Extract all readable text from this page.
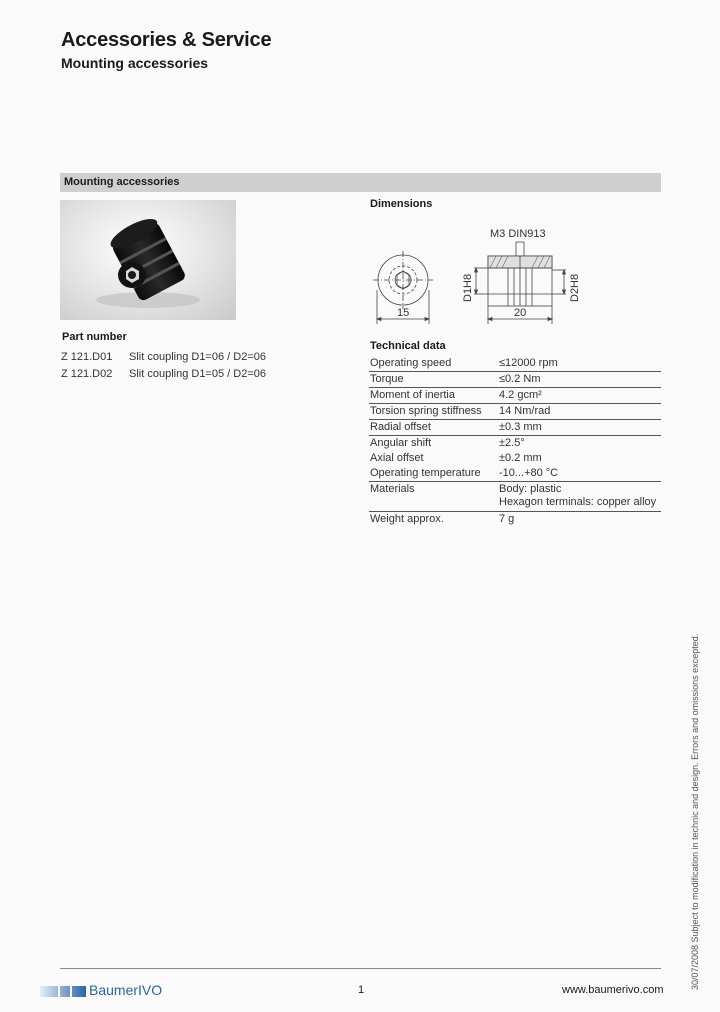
Accessories & Service
Mounting accessories
Mounting accessories
Dimensions
M3 DIN913
15	20
D1H8	D2H8
Part number
Z 121.D01 Slit coupling D1=06 / D2=06
Z 121.D02 Slit coupling D1=05 / D2=06
Technical data
Operating speed	≤12000 rpm
Torque	≤0.2 Nm
Moment of inertia	4.2 gcm²
Torsion spring stiffness	14 Nm/rad
Radial offset	±0.3 mm
Angular shift	±2.5°
Axial offset	±0.2 mm
Operating temperature	-10...+80 °C
Materials	Body: plastic
Hexagon terminals: copper alloy
Weight approx.	7 g
30/07/2008 Subject to modification in technic and design. Errors and omissions excepted.
BaumerIVO	1	www.baumerivo.com
